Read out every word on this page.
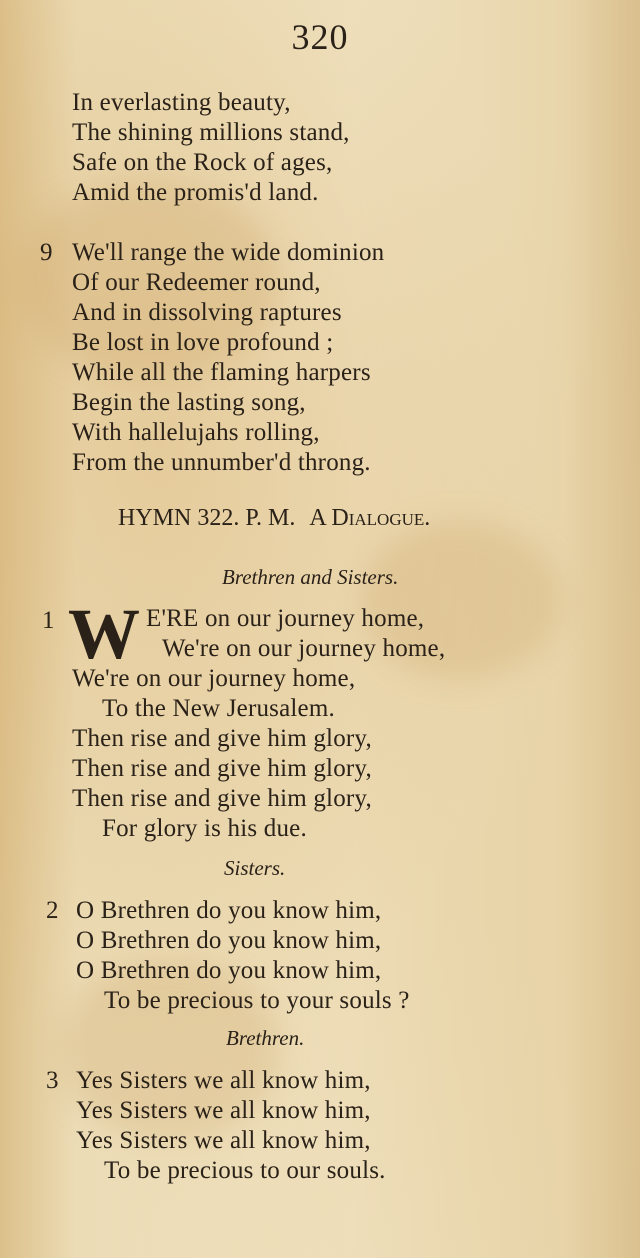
320
In everlasting beauty,
The shining millions stand,
Safe on the Rock of ages,
Amid the promis'd land.
9 We'll range the wide dominion
Of our Redeemer round,
And in dissolving raptures
Be lost in love profound ;
While all the flaming harpers
Begin the lasting song,
With hallelujahs rolling,
From the unnumber'd throng.
HYMN 322. P. M. A Dialogue.
Brethren and Sisters.
1 W E'RE on our journey home,
We're on our journey home,
We're on our journey home,
To the New Jerusalem.
Then rise and give him glory,
Then rise and give him glory,
Then rise and give him glory,
For glory is his due.
Sisters.
2 O Brethren do you know him,
O Brethren do you know him,
O Brethren do you know him,
To be precious to your souls ?
Brethren.
3 Yes Sisters we all know him,
Yes Sisters we all know him,
Yes Sisters we all know him,
To be precious to our souls.
